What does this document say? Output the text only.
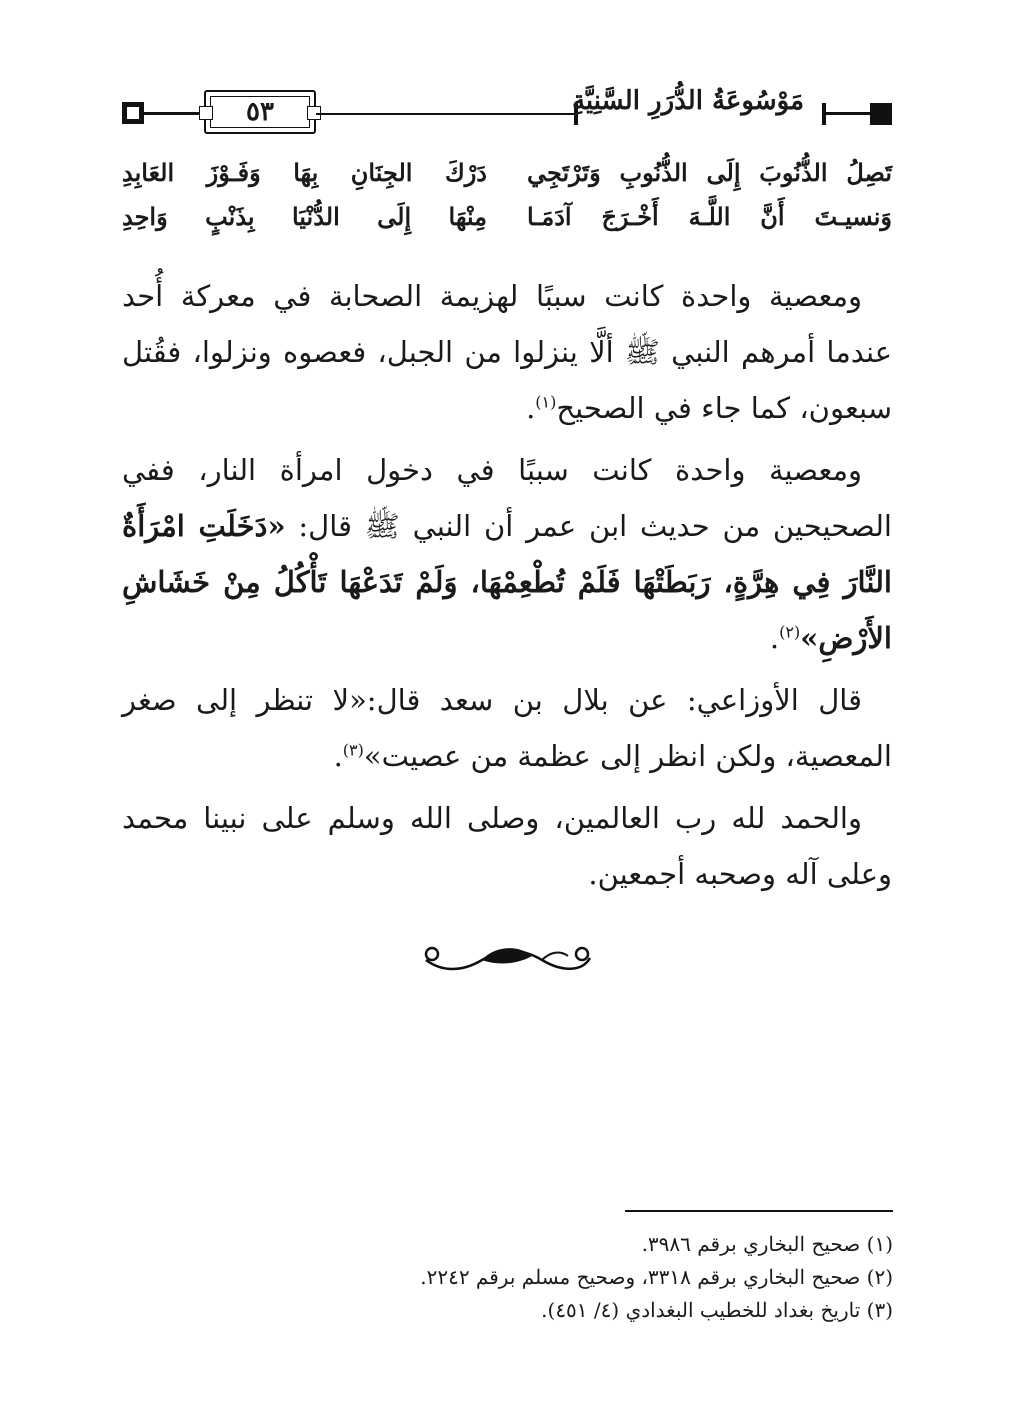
٥٣	مَوْسُوعَةُ الدُّرَرِ السَّنِيَّةِ
تَصِلُ الذُّنُوبَ إِلَى الذُّنُوبِ وَتَرْتَجِي
دَرْكَ الجِنَانِ بِهَا وَفَـوْزَ العَابِدِ
وَنسيـتَ أَنَّ اللَّـهَ أَخْـرَجَ آدَمَـا
مِنْهَا إِلَى الدُّنْيَا بِذَنْبٍ وَاحِدِ

ومعصية واحدة كانت سببًا لهزيمة الصحابة في معركة أُحد عندما أمرهم النبي ﷺ ألَّا ينزلوا من الجبل، فعصوه ونزلوا، فقُتل سبعون، كما جاء في الصحيح$^{(١)}$.

ومعصية واحدة كانت سببًا في دخول امرأة النار، ففي الصحيحين من حديث ابن عمر أن النبي ﷺ قال: «دَخَلَتِ امْرَأَةٌ النَّارَ فِي هِرَّةٍ، رَبَطَتْهَا فَلَمْ تُطْعِمْهَا، وَلَمْ تَدَعْهَا تَأْكُلُ مِنْ خَشَاشِ الأَرْضِ»$^{(٢)}$.

قال الأوزاعي: عن بلال بن سعد قال:«لا تنظر إلى صغر المعصية، ولكن انظر إلى عظمة من عصيت»$^{(٣)}$.

والحمد لله رب العالمين، وصلى الله وسلم على نبينا محمد وعلى آله وصحبه أجمعين.

(١) صحيح البخاري برقم ٣٩٨٦.

(٢) صحيح البخاري برقم ٣٣١٨، وصحيح مسلم برقم ٢٢٤٢.

(٣) تاريخ بغداد للخطيب البغدادي (٤/ ٤٥١).
